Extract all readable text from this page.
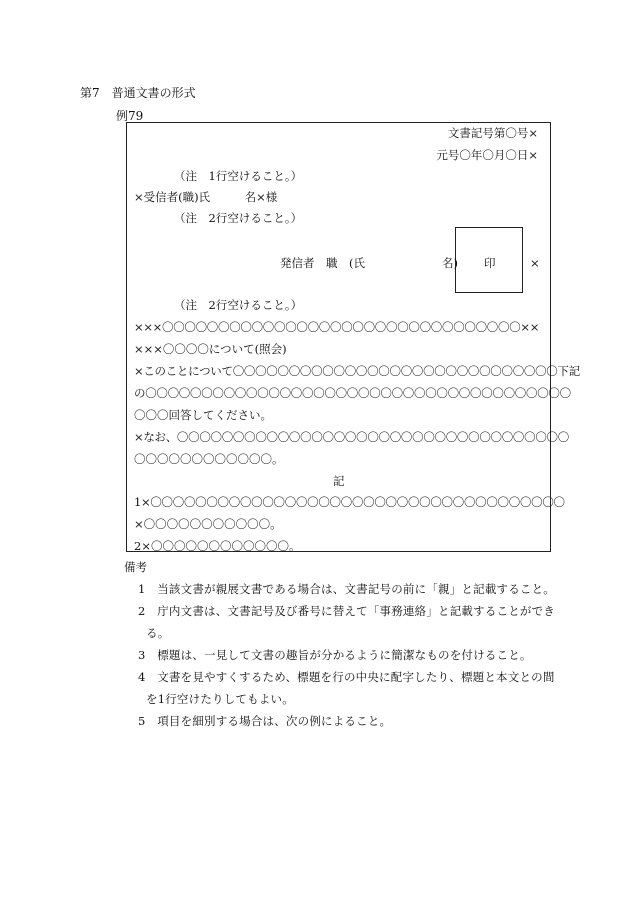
第7　普通文書の形式
例79
文書記号第〇号×
元号〇年〇月〇日×
（注　1行空けること。）
×受信者(職)氏　　　名×様
（注　2行空けること。）
発信者　職　(氏	名) 印	×
（注　2行空けること。）
×××〇〇〇〇〇〇〇〇〇〇〇〇〇〇〇〇〇〇〇〇〇〇〇〇〇〇〇〇〇〇〇〇××
×××〇〇〇〇について(照会)
×このことについて〇〇〇〇〇〇〇〇〇〇〇〇〇〇〇〇〇〇〇〇〇〇〇〇〇〇〇〇〇下記
の〇〇〇〇〇〇〇〇〇〇〇〇〇〇〇〇〇〇〇〇〇〇〇〇〇〇〇〇〇〇〇〇〇〇〇〇〇〇
〇〇〇回答してください。
×なお、〇〇〇〇〇〇〇〇〇〇〇〇〇〇〇〇〇〇〇〇〇〇〇〇〇〇〇〇〇〇〇〇〇〇〇
〇〇〇〇〇〇〇〇〇〇〇〇。
記
1×〇〇〇〇〇〇〇〇〇〇〇〇〇〇〇〇〇〇〇〇〇〇〇〇〇〇〇〇〇〇〇〇〇〇〇〇〇
×〇〇〇〇〇〇〇〇〇〇〇。
2×〇〇〇〇〇〇〇〇〇〇〇〇。
備考
1　当該文書が親展文書である場合は、文書記号の前に「親」と記載すること。
2　庁内文書は、文書記号及び番号に替えて「事務連絡」と記載することができ
る。
3　標題は、一見して文書の趣旨が分かるように簡潔なものを付けること。
4　文書を見やすくするため、標題を行の中央に配字したり、標題と本文との間
を1行空けたりしてもよい。
5　項目を細別する場合は、次の例によること。
